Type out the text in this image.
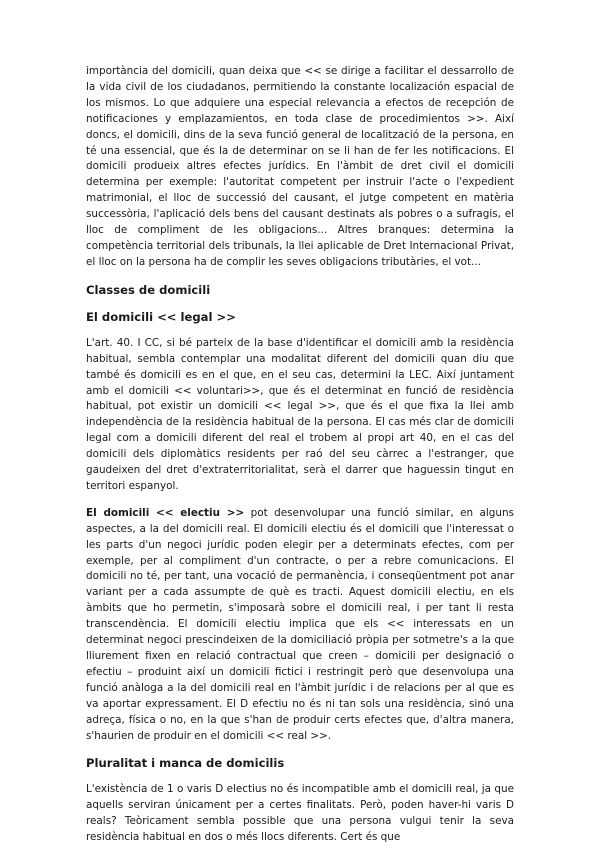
importància del domicili, quan deixa que << se dirige a facilitar el dessarrollo de la vida civil de los ciudadanos, permitiendo la constante localización espacial de los mismos. Lo que adquiere una especial relevancia a efectos de recepción de notificaciones y emplazamientos, en toda clase de procedimientos >>. Així doncs, el domicili, dins de la seva funció general de localització de la persona, en té una essencial, que és la de determinar on se li han de fer les notificacions. El domicili produeix altres efectes jurídics. En l'àmbit de dret civil el domicili determina per exemple: l'autoritat competent per instruir l'acte o l'expedient matrimonial, el lloc de successió del causant, el jutge competent en matèria successòria, l'aplicació dels bens del causant destinats als pobres o a sufragis, el lloc de compliment de les obligacions... Altres branques: determina la competència territorial dels tribunals, la llei aplicable de Dret Internacional Privat, el lloc on la persona ha de complir les seves obligacions tributàries, el vot...

Classes de domicili
El domicili << legal >>

L'art. 40. I CC, si bé parteix de la base d'identificar el domicili amb la residència habitual, sembla contemplar una modalitat diferent del domicili quan diu que també és domicili es en el que, en el seu cas, determini la LEC. Així juntament amb el domicili << voluntari>>, que és el determinat en funció de residència habitual, pot existir un domicili << legal >>, que és el que fixa la llei amb independència de la residència habitual de la persona. El cas més clar de domicili legal com a domicili diferent del real el trobem al propi art 40, en el cas del domicili dels diplomàtics residents per raó del seu càrrec a l'estranger, que gaudeixen del dret d'extraterritorialitat, serà el darrer que haguessin tingut en territori espanyol.

El domicili << electiu >> pot desenvolupar una funció similar, en alguns aspectes, a la del domicili real. El domicili electiu és el domicili que l'interessat o les parts d'un negoci jurídic poden elegir per a determinats efectes, com per exemple, per al compliment d'un contracte, o per a rebre comunicacions. El domicili no té, per tant, una vocació de permanència, i conseqüentment pot anar variant per a cada assumpte de què es tracti. Aquest domicili electiu, en els àmbits que ho permetin, s'imposarà sobre el domicili real, i per tant li resta transcendència. El domicili electiu implica que els << interessats en un determinat negoci prescindeixen de la domiciliació pròpia per sotmetre's a la que lliurement fixen en relació contractual que creen – domicili per designació o efectiu – produint així un domicili fictici i restringit però que desenvolupa una funció anàloga a la del domicili real en l'àmbit jurídic i de relacions per al que es va aportar expressament. El D efectiu no és ni tan sols una residència, sinó una adreça, física o no, en la que s'han de produir certs efectes que, d'altra manera, s'haurien de produir en el domicili << real >>.

Pluralitat i manca de domicilis

L'existència de 1 o varis D electius no és incompatible amb el domicili real, ja que aquells serviran únicament per a certes finalitats. Però, poden haver-hi varis D reals? Teòricament sembla possible que una persona vulgui tenir la seva residència habitual en dos o més llocs diferents. Cert és que
